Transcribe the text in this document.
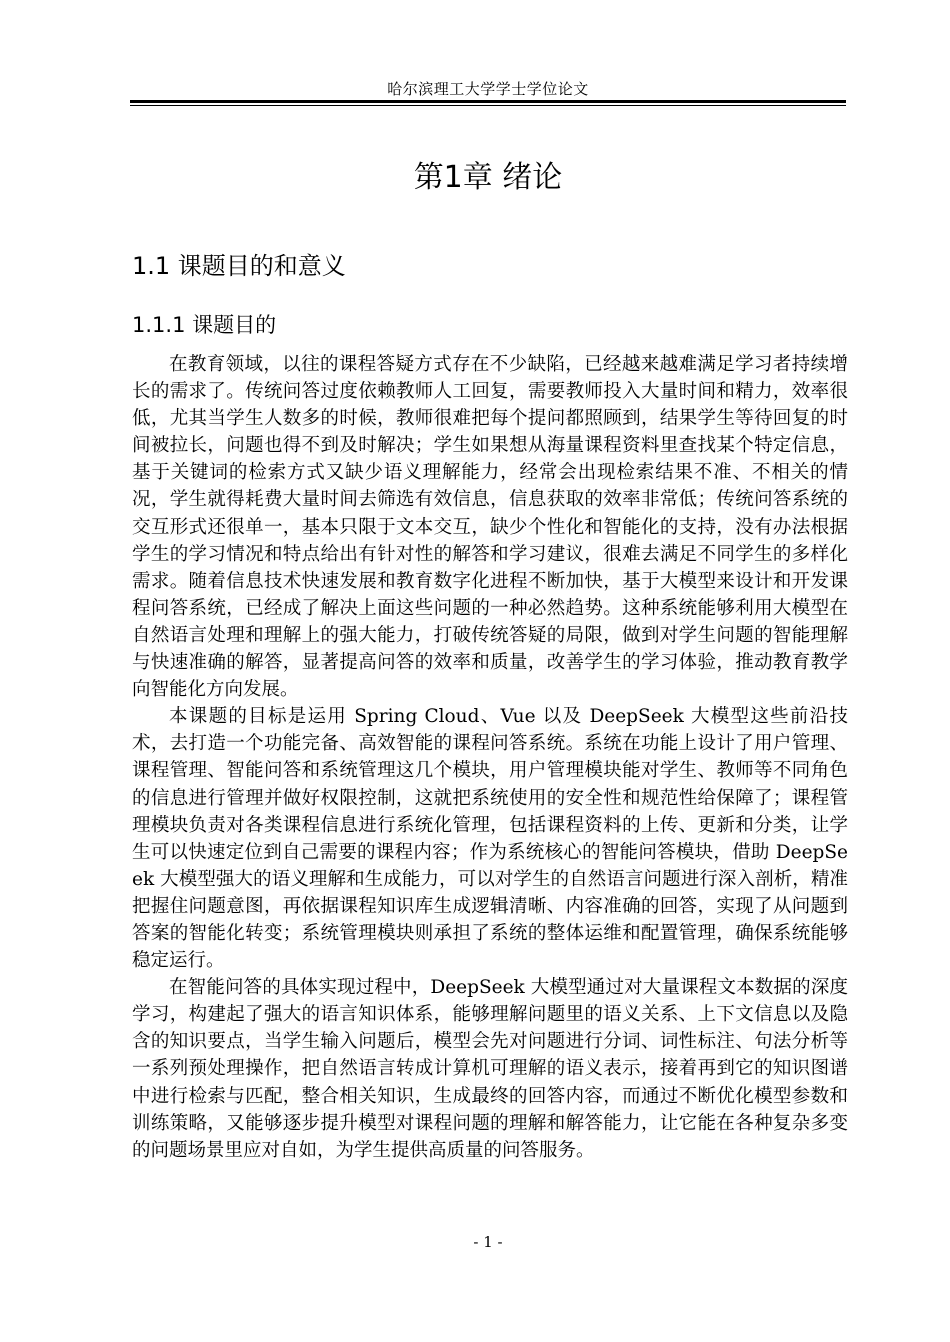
哈尔滨理工大学学士学位论文
第1章 绪论
1.1 课题目的和意义
1.1.1 课题目的

在教育领域，以往的课程答疑方式存在不少缺陷，已经越来越难满足学习者持续增长的需求了。传统问答过度依赖教师人工回复，需要教师投入大量时间和精力，效率很低，尤其当学生人数多的时候，教师很难把每个提问都照顾到，结果学生等待回复的时间被拉长，问题也得不到及时解决；学生如果想从海量课程资料里查找某个特定信息，基于关键词的检索方式又缺少语义理解能力，经常会出现检索结果不准、不相关的情况，学生就得耗费大量时间去筛选有效信息，信息获取的效率非常低；传统问答系统的交互形式还很单一，基本只限于文本交互，缺少个性化和智能化的支持，没有办法根据学生的学习情况和特点给出有针对性的解答和学习建议，很难去满足不同学生的多样化需求。随着信息技术快速发展和教育数字化进程不断加快，基于大模型来设计和开发课程问答系统，已经成了解决上面这些问题的一种必然趋势。这种系统能够利用大模型在自然语言处理和理解上的强大能力，打破传统答疑的局限，做到对学生问题的智能理解与快速准确的解答，显著提高问答的效率和质量，改善学生的学习体验，推动教育教学向智能化方向发展。

本课题的目标是运用 Spring Cloud、Vue 以及 DeepSeek 大模型这些前沿技术，去打造一个功能完备、高效智能的课程问答系统。系统在功能上设计了用户管理、课程管理、智能问答和系统管理这几个模块，用户管理模块能对学生、教师等不同角色的信息进行管理并做好权限控制，这就把系统使用的安全性和规范性给保障了；课程管理模块负责对各类课程信息进行系统化管理，包括课程资料的上传、更新和分类，让学生可以快速定位到自己需要的课程内容；作为系统核心的智能问答模块，借助 DeepSeek 大模型强大的语义理解和生成能力，可以对学生的自然语言问题进行深入剖析，精准把握住问题意图，再依据课程知识库生成逻辑清晰、内容准确的回答，实现了从问题到答案的智能化转变；系统管理模块则承担了系统的整体运维和配置管理，确保系统能够稳定运行。

在智能问答的具体实现过程中，DeepSeek 大模型通过对大量课程文本数据的深度学习，构建起了强大的语言知识体系，能够理解问题里的语义关系、上下文信息以及隐含的知识要点，当学生输入问题后，模型会先对问题进行分词、词性标注、句法分析等一系列预处理操作，把自然语言转成计算机可理解的语义表示，接着再到它的知识图谱中进行检索与匹配，整合相关知识，生成最终的回答内容，而通过不断优化模型参数和训练策略，又能够逐步提升模型对课程问题的理解和解答能力，让它能在各种复杂多变的问题场景里应对自如，为学生提供高质量的问答服务。

- 1 -
